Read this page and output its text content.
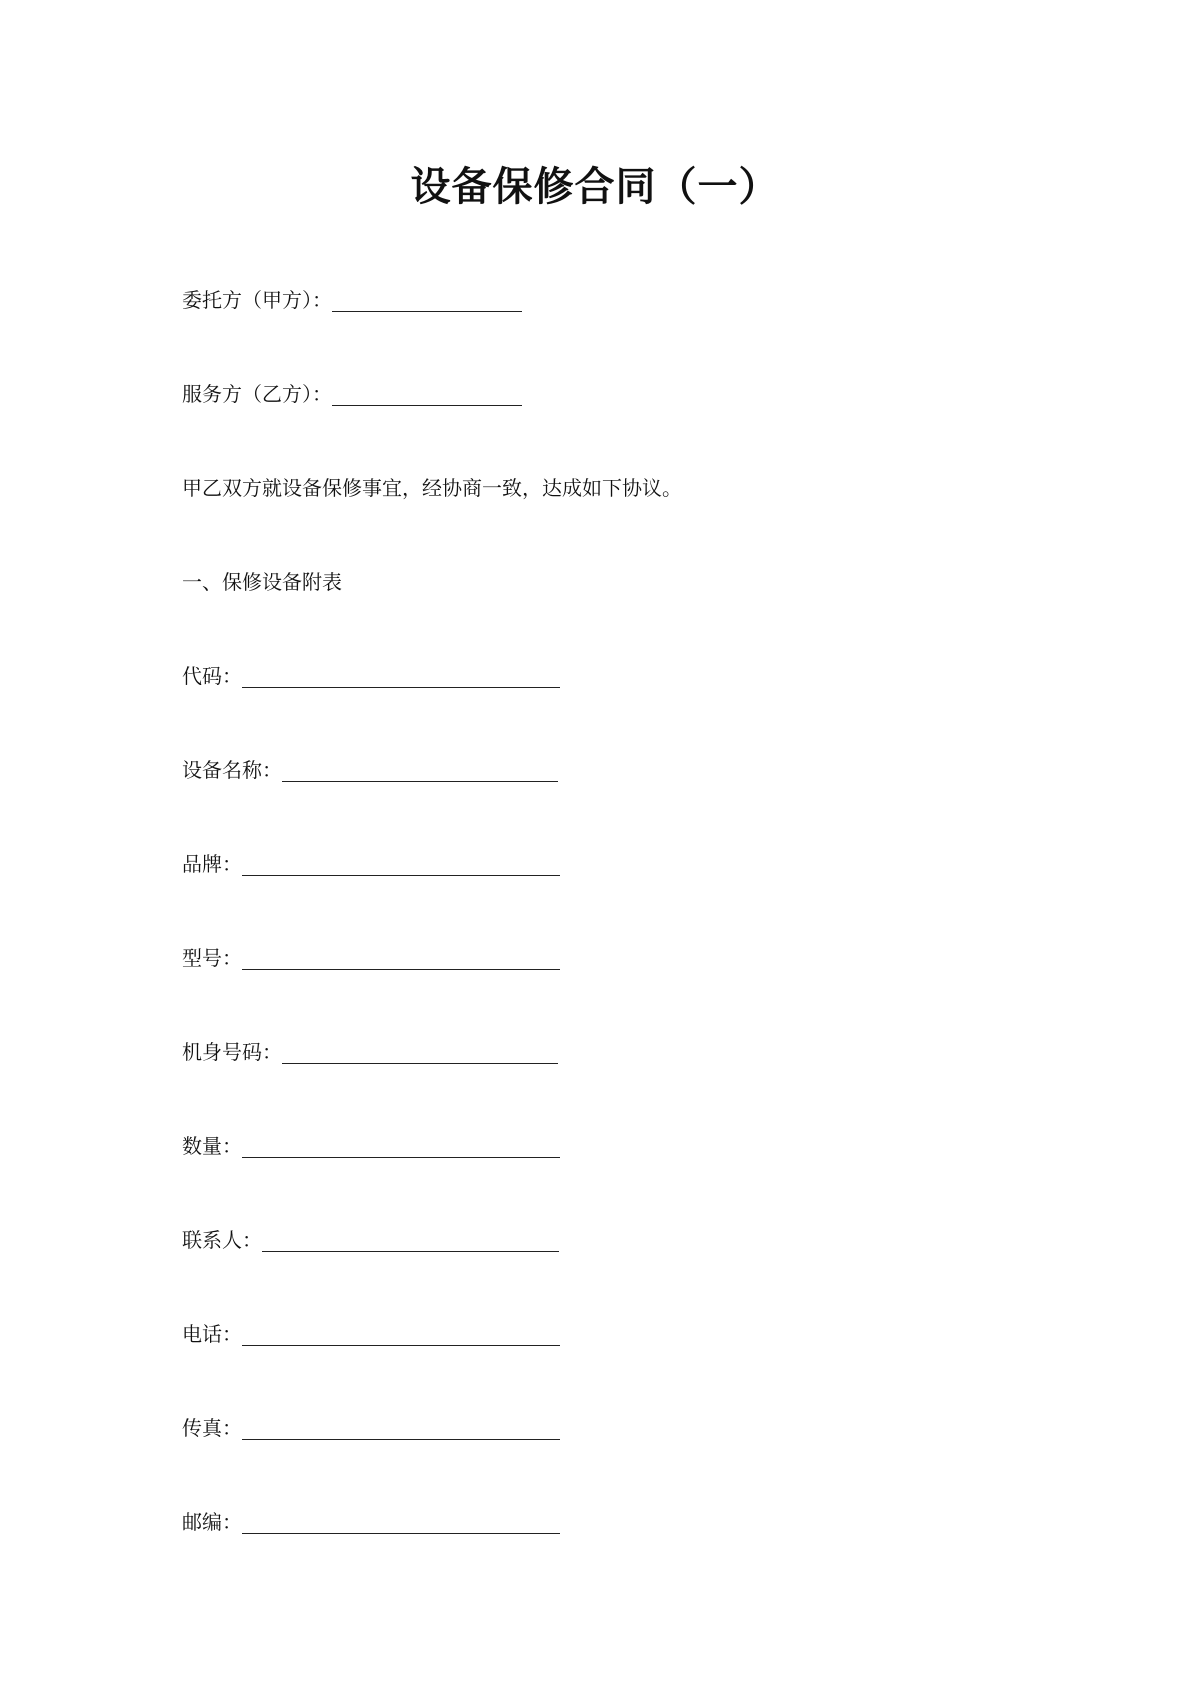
设备保修合同（一）
委托方（甲方）：
服务方（乙方）：
甲乙双方就设备保修事宜，经协商一致，达成如下协议。
一、保修设备附表
代码：
设备名称：
品牌：
型号：
机身号码：
数量：
联系人：
电话：
传真：
邮编：
